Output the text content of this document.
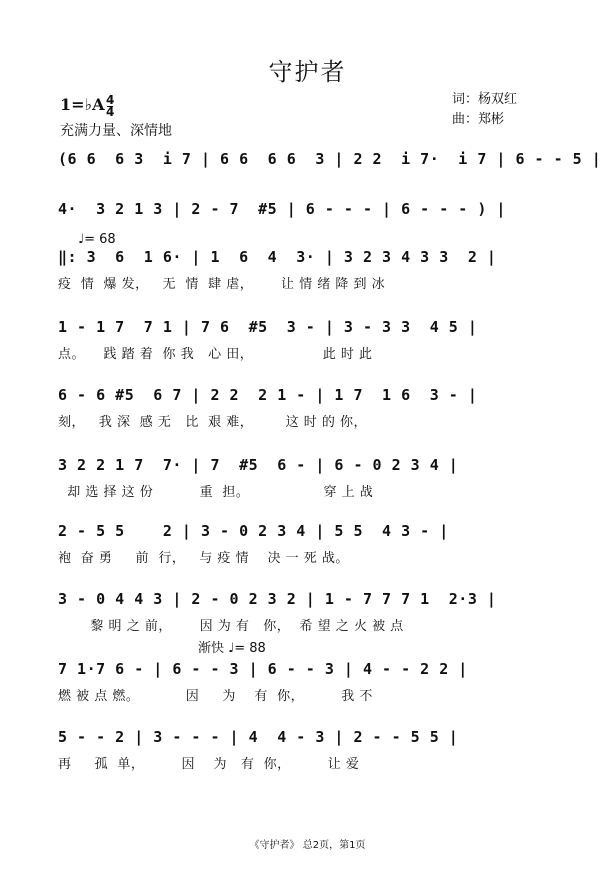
守护者
词：杨双红
曲：郑彬
1=♭A 4
4
充满力量、深情地
♩= 68
渐快 ♩= 88
(6 6  6 3  i 7 | 6 6  6 6  3 | 2 2  i 7·  i 7 | 6 - - 5 |
4·  3 2 1 3 | 2 - 7  #5 | 6 - - - | 6 - - - ) |
‖: 3  6  1 6· | 1  6  4  3· | 3 2 3 4 3 3  2 |
疫  情  爆 发，   无  情  肆 虐，      让 情 绪 降 到 冰
1 - 1 7  7 1 | 7 6  #5  3 - | 3 - 3 3  4 5 |
点。    践 踏 着  你 我   心 田，               此 时 此
6 - 6 #5  6 7 | 2 2  2 1 - | 1 7  1 6  3 - |
刻，   我 深  感 无   比  艰 难，       这 时 的 你，
3 2 2 1 7  7· | 7  #5  6 - | 6 - 0 2 3 4 |
却 选 择 这 份          重  担。                穿 上 战
2 - 5 5    2 | 3 - 0 2 3 4 | 5 5  4 3 - |
袍  奋 勇     前  行，   与 疫 情    决 一 死 战。
3 - 0 4 4 3 | 2 - 0 2 3 2 | 1 - 7 7 7 1  2·3 |
黎 明 之 前，      因 为 有   你，  希 望 之 火 被 点
7 1·7 6 - | 6 - - 3 | 6 - - 3 | 4 - - 2 2 |
燃 被 点 燃。          因     为    有  你，        我 不
5 - - 2 | 3 - - - | 4  4 - 3 | 2 - - 5 5 |
再     孤  单，        因    为   有  你，        让 爱
《守护者》 总2页，第1页
